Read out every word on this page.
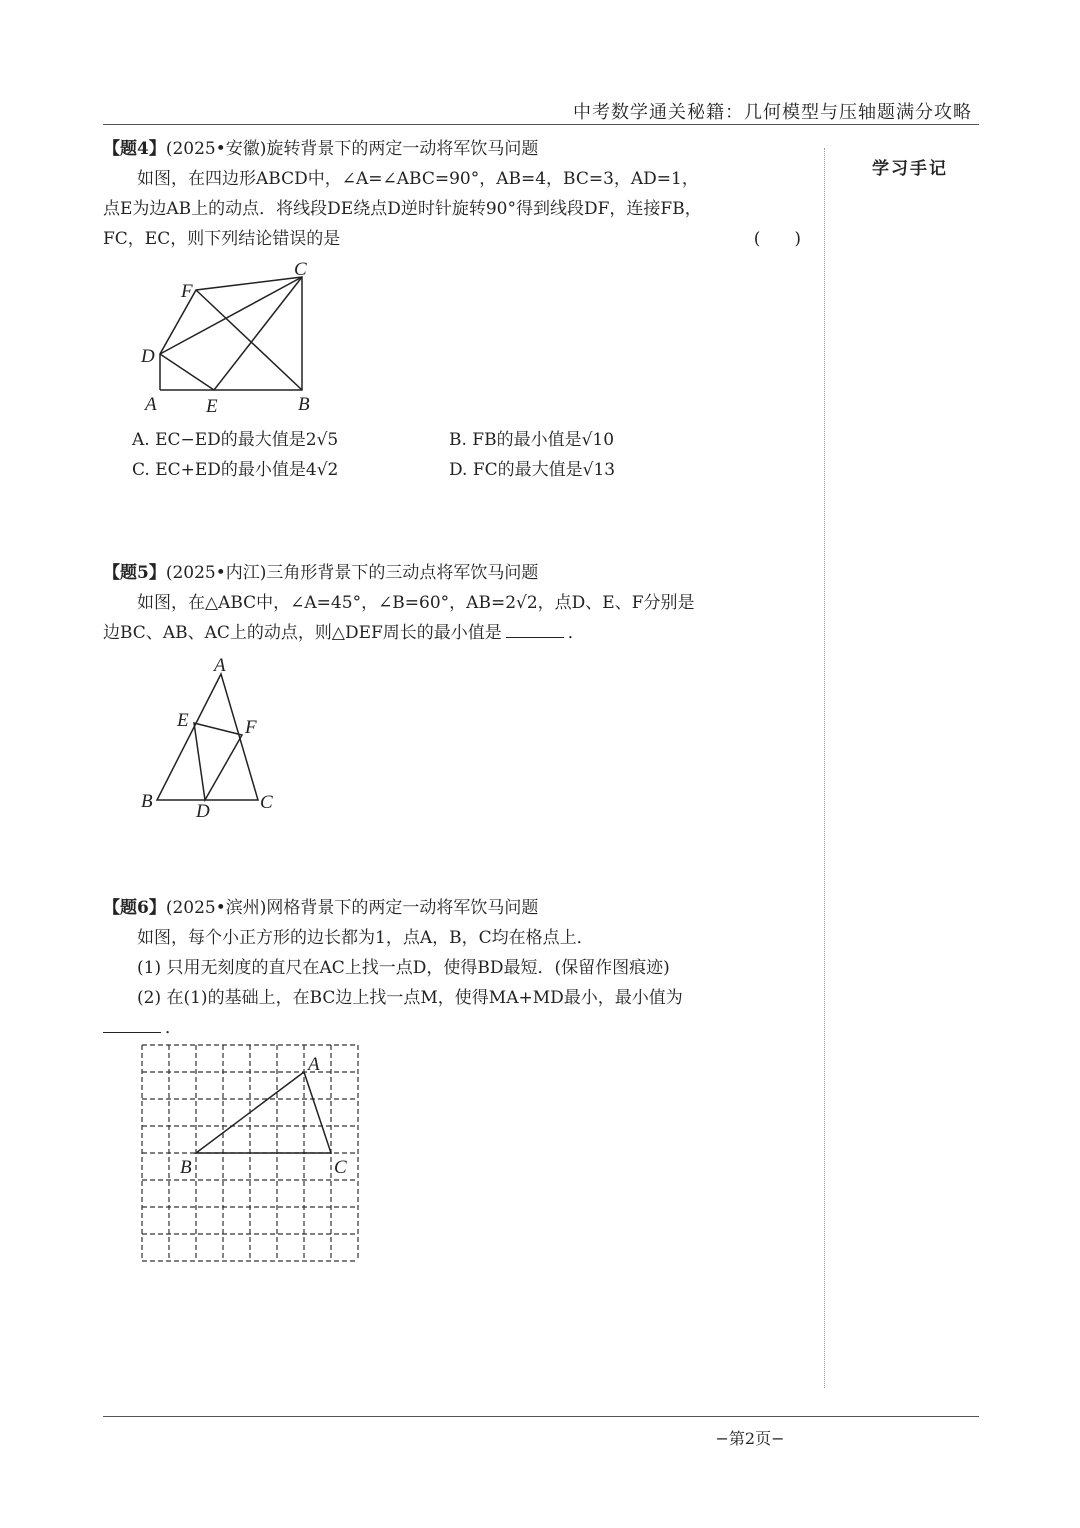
中考数学通关秘籍：几何模型与压轴题满分攻略
学习手记

【题4】(2025•安徽)旋转背景下的两定一动将军饮马问题

如图，在四边形ABCD中，∠A=∠ABC=90°，AB=4，BC=3，AD=1，

点E为边AB上的动点．将线段DE绕点D逆时针旋转90°得到线段DF，连接FB，

FC，EC，则下列结论错误的是	(　　)

A	B
C
D
E
F
A
B	C
D
E	F
A
B	C
A. EC−ED的最大值是2√5	B. FB的最小值是√10
C. EC+ED的最小值是4√2	D. FC的最大值是√13

【题5】(2025•内江)三角形背景下的三动点将军饮马问题

如图，在△ABC中，∠A=45°，∠B=60°，AB=2√2，点D、E、F分别是

边BC、AB、AC上的动点，则△DEF周长的最小值是	．

【题6】(2025•滨州)网格背景下的两定一动将军饮马问题

如图，每个小正方形的边长都为1，点A，B，C均在格点上．

(1) 只用无刻度的直尺在AC上找一点D，使得BD最短．(保留作图痕迹)

(2) 在(1)的基础上，在BC边上找一点M，使得MA+MD最小，最小值为

．

−第2页−
